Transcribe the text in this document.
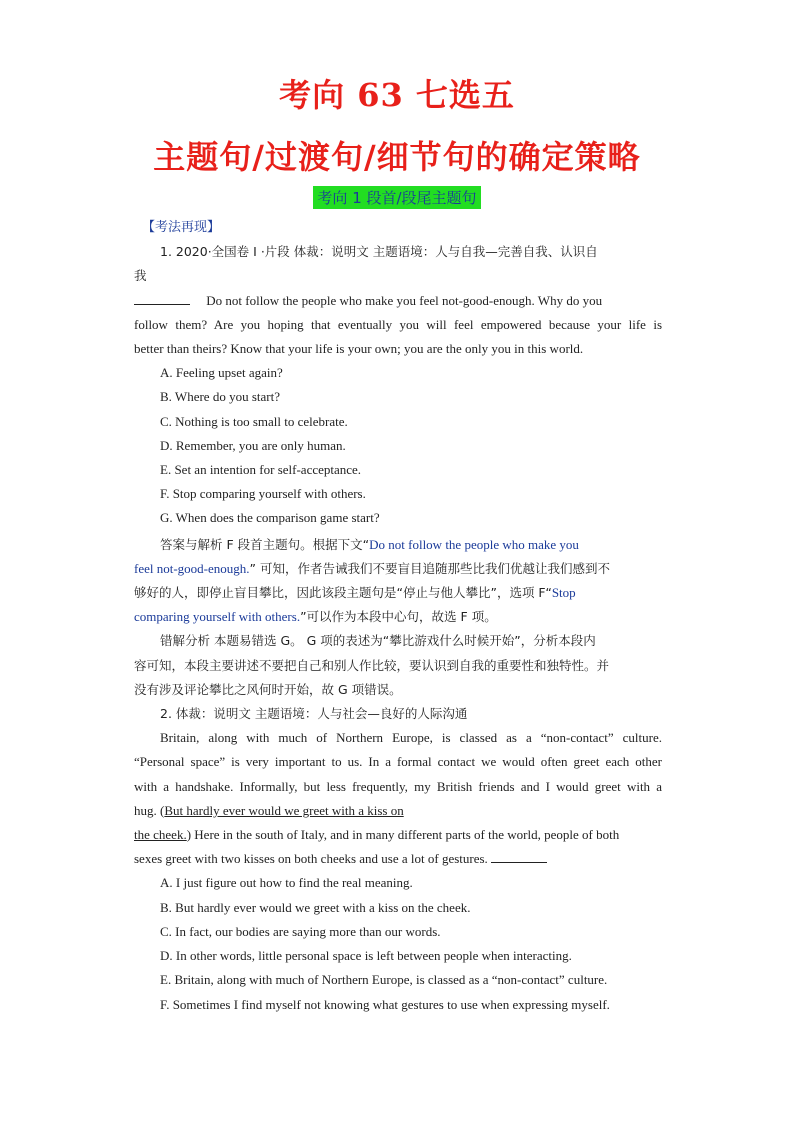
考向 63 七选五
主题句/过渡句/细节句的确定策略
考向 1 段首/段尾主题句
【考法再现】
1. 2020·全国卷 I ·片段 体裁：说明文 主题语境：人与自我—完善自我、认识自
我
Do not follow the people who make you feel not-good-enough. Why do you
follow them? Are you hoping that eventually you will feel empowered because your life is
better than theirs? Know that your life is your own; you are the only you in this world.
A. Feeling upset again?
B. Where do you start?
C. Nothing is too small to celebrate.
D. Remember, you are only human.
E. Set an intention for self-acceptance.
F. Stop comparing yourself with others.
G. When does the comparison game start?
答案与解析 F 段首主题句。根据下文“Do not follow the people who make you
feel not-good-enough.” 可知，作者告诫我们不要盲目追随那些比我们优越让我们感到不
够好的人，即停止盲目攀比，因此该段主题句是“停止与他人攀比”，选项 F“Stop
comparing yourself with others.”可以作为本段中心句，故选 F 项。
错解分析 本题易错选 G。 G 项的表述为“攀比游戏什么时候开始”，分析本段内
容可知，本段主要讲述不要把自己和别人作比较，要认识到自我的重要性和独特性。并
没有涉及评论攀比之风何时开始，故 G 项错误。
2. 体裁：说明文 主题语境：人与社会—良好的人际沟通
Britain, along with much of Northern Europe, is classed as a “non-contact” culture.
“Personal space” is very important to us. In a formal contact we would often greet each other
with a handshake. Informally, but less frequently, my British friends and I would greet with a
hug. (But hardly ever would we greet with a kiss on
the cheek.) Here in the south of Italy, and in many different parts of the world, people of both
sexes greet with two kisses on both cheeks and use a lot of gestures.
A. I just figure out how to find the real meaning.
B. But hardly ever would we greet with a kiss on the cheek.
C. In fact, our bodies are saying more than our words.
D. In other words, little personal space is left between people when interacting.
E. Britain, along with much of Northern Europe, is classed as a “non-contact” culture.
F. Sometimes I find myself not knowing what gestures to use when expressing myself.
